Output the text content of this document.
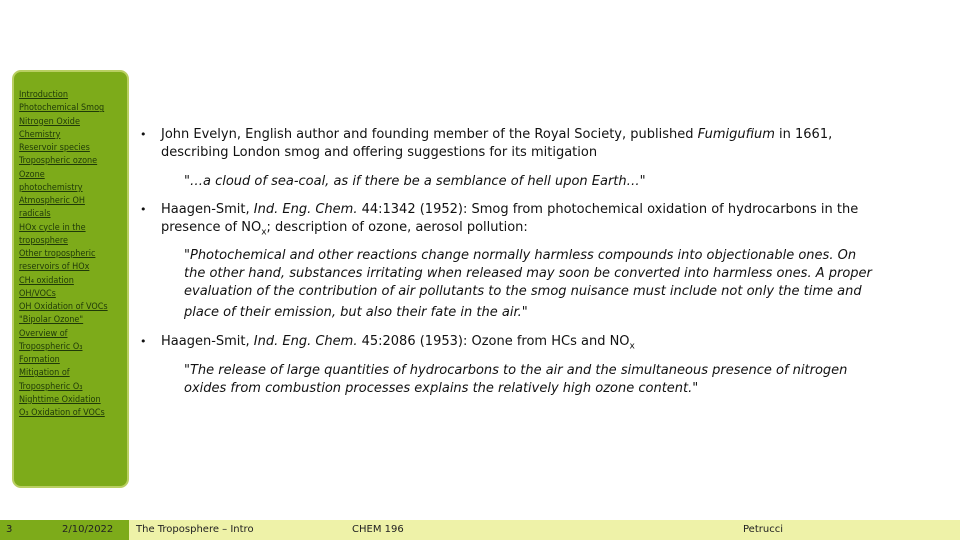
Introduction
Photochemical Smog
Nitrogen Oxide
Chemistry
Reservoir species
Tropospheric ozone
Ozone
photochemistry
Atmospheric OH
radicals
HOx cycle in the
troposphere
Other tropospheric
reservoirs of HOx
CH₄ oxidation
OH/VOCs
OH Oxidation of VOCs
"Bipolar Ozone"
Overview of
Tropospheric O₃
Formation
Mitigation of
Tropospheric O₃
Nighttime Oxidation
O₃ Oxidation of VOCs
•	John Evelyn, English author and founding member of the Royal Society, published Fumigufium in 1661, describing London smog and offering suggestions for its mitigation
"…a cloud of sea-coal, as if there be a semblance of hell upon Earth…"
•	Haagen-Smit, Ind. Eng. Chem. 44:1342 (1952): Smog from photochemical oxidation of hydrocarbons in the presence of $NO_x$; description of ozone, aerosol pollution:
"Photochemical and other reactions change normally harmless compounds into objectionable ones. On the other hand, substances irritating when released may soon be converted into harmless ones. A proper evaluation of the contribution of air pollutants to the smog nuisance must include not only the time and
place of their emission, but also their fate in the air."
•	Haagen-Smit, Ind. Eng. Chem. 45:2086 (1953): Ozone from HCs and $NO_x$
"The release of large quantities of hydrocarbons to the air and the simultaneous presence of nitrogen oxides from combustion processes explains the relatively high ozone content."
3	2/10/2022 The Troposphere – Intro	CHEM 196	Petrucci
